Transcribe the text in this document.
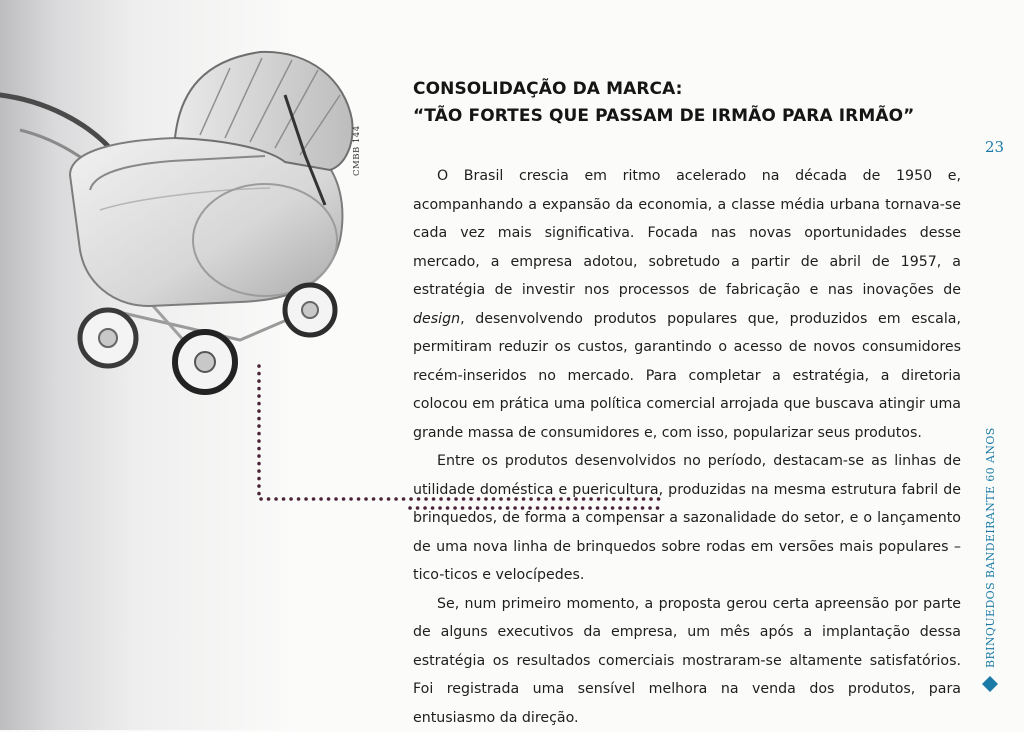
CMBB 144
CONSOLIDAÇÃO DA MARCA:
“TÃO FORTES QUE PASSAM DE IRMÃO PARA IRMÃO”
23

O Brasil crescia em ritmo acelerado na década de 1950 e, acompanhando a expansão da economia, a classe média urbana tornava-se cada vez mais significativa. Focada nas novas oportunidades desse mercado, a empresa adotou, sobretudo a partir de abril de 1957, a estratégia de investir nos processos de fabricação e nas inovações de design, desenvolvendo produtos populares que, produzidos em escala, permitiram reduzir os custos, garantindo o acesso de novos consumidores recém-inseridos no mercado. Para completar a estratégia, a diretoria colocou em prática uma política comercial arrojada que buscava atingir uma grande massa de consumidores e, com isso, popularizar seus produtos.

Entre os produtos desenvolvidos no período, destacam-se as linhas de utilidade doméstica e puericultura, produzidas na mesma estrutura fabril de brinquedos, de forma a compensar a sazonalidade do setor, e o lançamento de uma nova linha de brinquedos sobre rodas em versões mais populares – tico-ticos e velocípedes.

Se, num primeiro momento, a proposta gerou certa apreensão por parte de alguns executivos da empresa, um mês após a implantação dessa estratégia os resultados comerciais mostraram-se altamente satisfatórios. Foi registrada uma sensível melhora na venda dos produtos, para entusiasmo da direção.

BRINQUEDOS BANDEIRANTE 60 ANOS
